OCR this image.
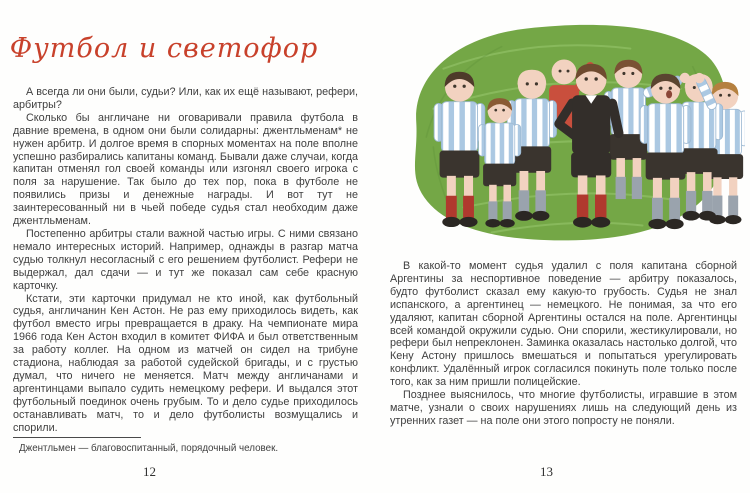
Футбол и светофор

А всегда ли они были, судьи? Или, как их ещё называют, рефери, арбитры?

Сколько бы англичане ни оговаривали правила футбола в давние времена, в одном они были солидарны: джентльменам* не нужен арбитр. И долгое время в спорных моментах на поле вполне успешно разбирались капитаны команд. Бывали даже случаи, когда капитан отменял гол своей команды или изгонял своего игрока с поля за нарушение. Так было до тех пор, пока в футболе не появились призы и денежные награды. И вот тут не заинтересованный ни в чьей победе судья стал необходим даже джентльменам.

Постепенно арбитры стали важной частью игры. С ними связано немало интересных историй. Например, однажды в разгар матча судью толкнул несогласный с его решением футболист. Рефери не выдержал, дал сдачи — и тут же показал сам себе красную карточку.

Кстати, эти карточки придумал не кто иной, как футбольный судья, англичанин Кен Астон. Не раз ему приходилось видеть, как футбол вместо игры превращается в драку. На чемпионате мира 1966 года Кен Астон входил в комитет ФИФА и был ответственным за работу коллег. На одном из матчей он сидел на трибуне стадиона, наблюдая за работой судейской бригады, и с грустью думал, что ничего не меняется. Матч между англичанами и аргентинцами выпало судить немецкому рефери. И выдался этот футбольный поединок очень грубым. То и дело судье приходилось останавливать матч, то и дело футболисты возмущались и спорили.

Джентльмен — благовоспитанный, порядочный человек.

12

В какой-то момент судья удалил с поля капитана сборной Аргентины за неспортивное поведение — арбитру показалось, будто футболист сказал ему какую-то грубость. Судья не знал испанского, а аргентинец — немецкого. Не понимая, за что его удаляют, капитан сборной Аргентины остался на поле. Аргентинцы всей командой окружили судью. Они спорили, жестикулировали, но рефери был непреклонен. Заминка оказалась настолько долгой, что Кену Астону пришлось вмешаться и попытаться урегулировать конфликт. Удалённый игрок согласился покинуть поле только после того, как за ним пришли полицейские.

Позднее выяснилось, что многие футболисты, игравшие в этом матче, узнали о своих нарушениях лишь на следующий день из утренних газет — на поле они этого попросту не поняли.

13
